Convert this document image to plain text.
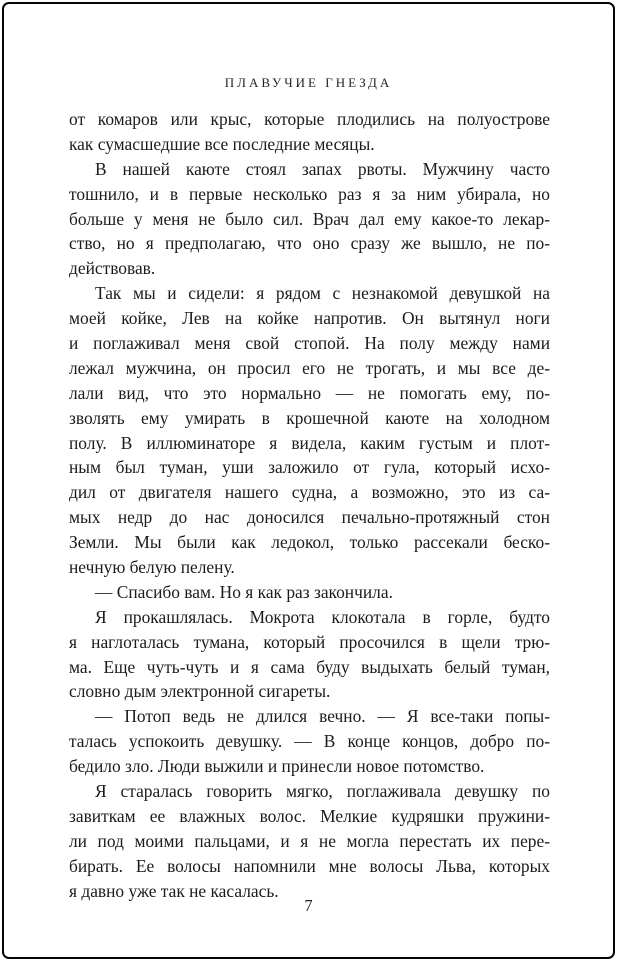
ПЛАВУЧИЕ ГНЕЗДА
от комаров или крыс, которые плодились на полуострове
как сумасшедшие все последние месяцы.
В нашей каюте стоял запах рвоты. Мужчину часто
тошнило, и в первые несколько раз я за ним убирала, но
больше у меня не было сил. Врач дал ему какое-то лекар-
ство, но я предполагаю, что оно сразу же вышло, не по-
действовав.
Так мы и сидели: я рядом с незнакомой девушкой на
моей койке, Лев на койке напротив. Он вытянул ноги
и поглаживал меня свой стопой. На полу между нами
лежал мужчина, он просил его не трогать, и мы все де-
лали вид, что это нормально — не помогать ему, по-
зволять ему умирать в крошечной каюте на холодном
полу. В иллюминаторе я видела, каким густым и плот-
ным был туман, уши заложило от гула, который исхо-
дил от двигателя нашего судна, а возможно, это из са-
мых недр до нас доносился печально-протяжный стон
Земли. Мы были как ледокол, только рассекали беско-
нечную белую пелену.
— Спасибо вам. Но я как раз закончила.
Я прокашлялась. Мокрота клокотала в горле, будто
я наглоталась тумана, который просочился в щели трю-
ма. Еще чуть-чуть и я сама буду выдыхать белый туман,
словно дым электронной сигареты.
— Потоп ведь не длился вечно. — Я все-таки попы-
талась успокоить девушку. — В конце концов, добро по-
бедило зло. Люди выжили и принесли новое потомство.
Я старалась говорить мягко, поглаживала девушку по
завиткам ее влажных волос. Мелкие кудряшки пружини-
ли под моими пальцами, и я не могла перестать их пере-
бирать. Ее волосы напомнили мне волосы Льва, которых
я давно уже так не касалась.
7
